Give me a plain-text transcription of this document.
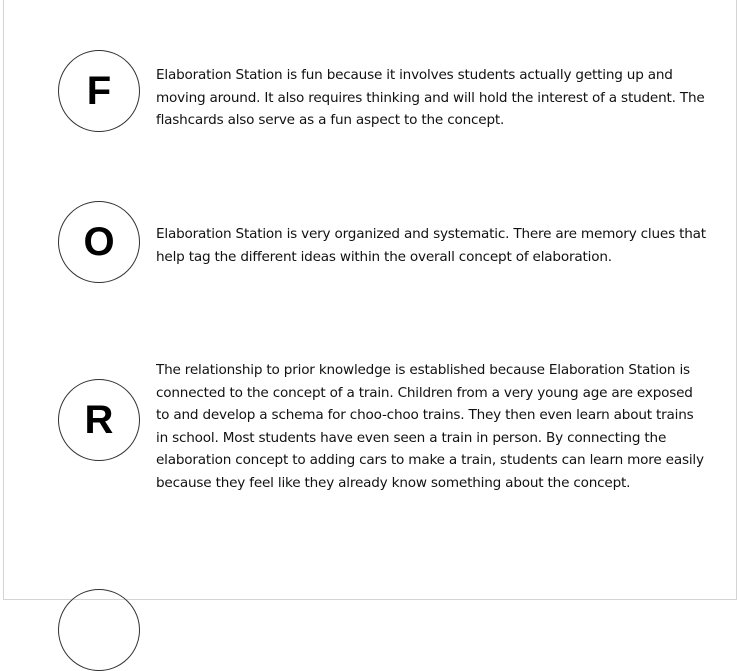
F	Elaboration Station is fun because it involves students actually getting up and moving around. It also requires thinking and will hold the interest of a student. The flashcards also serve as a fun aspect to the concept.
O	Elaboration Station is very organized and systematic. There are memory clues that help tag the different ideas within the overall concept of elaboration.
R
The relationship to prior knowledge is established because Elaboration Station is connected to the concept of a train. Children from a very young age are exposed to and develop a schema for choo-choo trains. They then even learn about trains in school. Most students have even seen a train in person. By connecting the elaboration concept to adding cars to make a train, students can learn more easily because they feel like they already know something about the concept.
